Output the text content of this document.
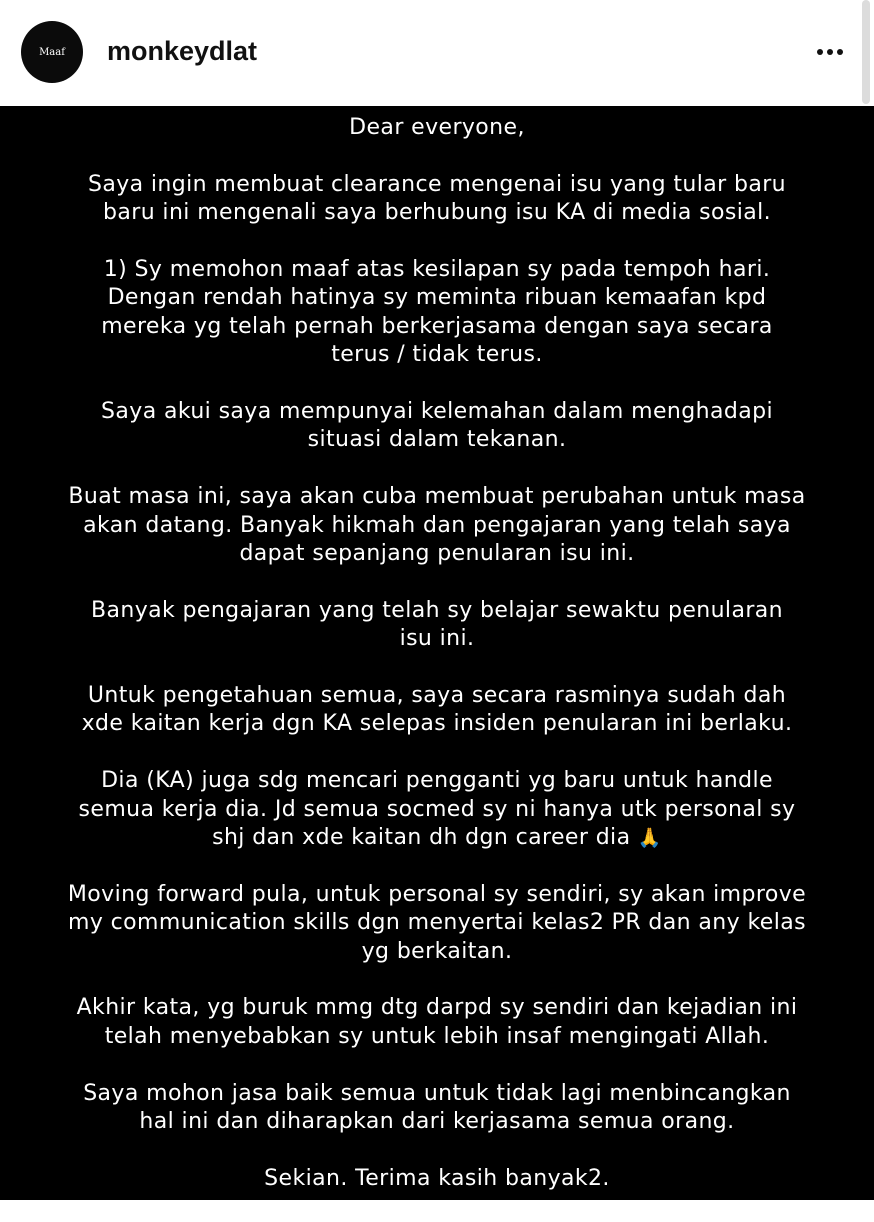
Maaf monkeydlat

Dear everyone,

Saya ingin membuat clearance mengenai isu yang tular baru
baru ini mengenali saya berhubung isu KA di media sosial.

1) Sy memohon maaf atas kesilapan sy pada tempoh hari.
Dengan rendah hatinya sy meminta ribuan kemaafan kpd
mereka yg telah pernah berkerjasama dengan saya secara
terus / tidak terus.

Saya akui saya mempunyai kelemahan dalam menghadapi
situasi dalam tekanan.

Buat masa ini, saya akan cuba membuat perubahan untuk masa
akan datang. Banyak hikmah dan pengajaran yang telah saya
dapat sepanjang penularan isu ini.

Banyak pengajaran yang telah sy belajar sewaktu penularan
isu ini.

Untuk pengetahuan semua, saya secara rasminya sudah dah
xde kaitan kerja dgn KA selepas insiden penularan ini berlaku.

Dia (KA) juga sdg mencari pengganti yg baru untuk handle
semua kerja dia. Jd semua socmed sy ni hanya utk personal sy
shj dan xde kaitan dh dgn career dia 🙏

Moving forward pula, untuk personal sy sendiri, sy akan improve
my communication skills dgn menyertai kelas2 PR dan any kelas
yg berkaitan.

Akhir kata, yg buruk mmg dtg darpd sy sendiri dan kejadian ini
telah menyebabkan sy untuk lebih insaf mengingati Allah.

Saya mohon jasa baik semua untuk tidak lagi menbincangkan
hal ini dan diharapkan dari kerjasama semua orang.

Sekian. Terima kasih banyak2.
